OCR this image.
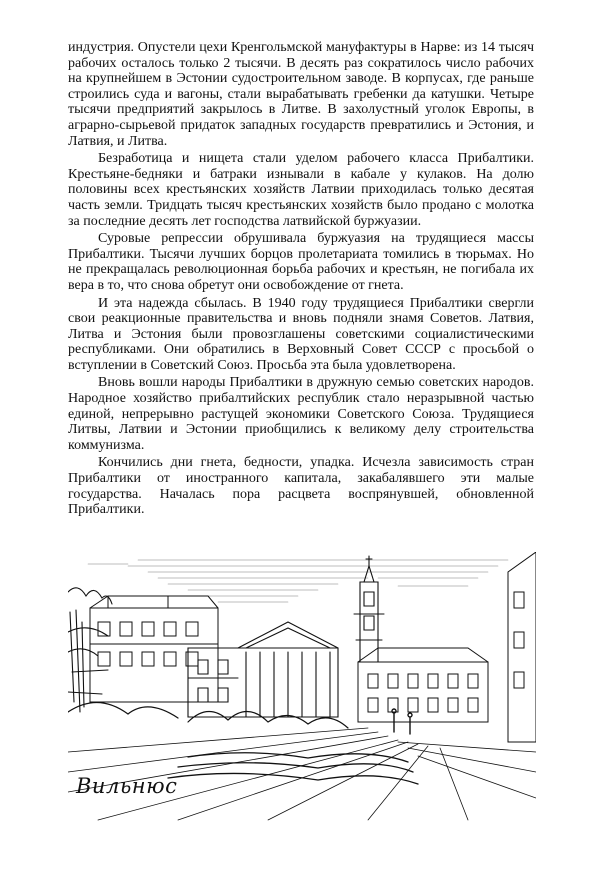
индустрия. Опустели цехи Кренгольмской мануфактуры в Нарве: из 14 тысяч рабочих осталось только 2 тысячи. В десять раз сократилось число рабочих на крупнейшем в Эстонии судостроительном заводе. В корпусах, где раньше строились суда и вагоны, стали вырабатывать гребенки да катушки. Четыре тысячи предприятий закрылось в Литве. В захолустный уголок Европы, в аграрно-сырьевой придаток западных государств превратились и Эстония, и Латвия, и Литва.

Безработица и нищета стали уделом рабочего класса Прибалтики. Крестьяне-бедняки и батраки изнывали в кабале у кулаков. На долю половины всех крестьянских хозяйств Латвии приходилась только десятая часть земли. Тридцать тысяч крестьянских хозяйств было продано с молотка за последние десять лет господства латвийской буржуазии.

Суровые репрессии обрушивала буржуазия на трудящиеся массы Прибалтики. Тысячи лучших борцов пролетариата томились в тюрьмах. Но не прекращалась революционная борьба рабочих и крестьян, не погибала их вера в то, что снова обретут они освобождение от гнета.

И эта надежда сбылась. В 1940 году трудящиеся Прибалтики свергли свои реакционные правительства и вновь подняли знамя Советов. Латвия, Литва и Эстония были провозглашены советскими социалистическими республиками. Они обратились в Верховный Совет СССР с просьбой о вступлении в Советский Союз. Просьба эта была удовлетворена.

Вновь вошли народы Прибалтики в дружную семью советских народов. Народное хозяйство прибалтийских республик стало неразрывной частью единой, непрерывно растущей экономики Советского Союза. Трудящиеся Литвы, Латвии и Эстонии приобщились к великому делу строительства коммунизма.

Кончились дни гнета, бедности, упадка. Исчезла зависимость стран Прибалтики от иностранного капитала, закабалявшего эти малые государства. Началась пора расцвета воспрянувшей, обновленной Прибалтики.

Вильнюс
